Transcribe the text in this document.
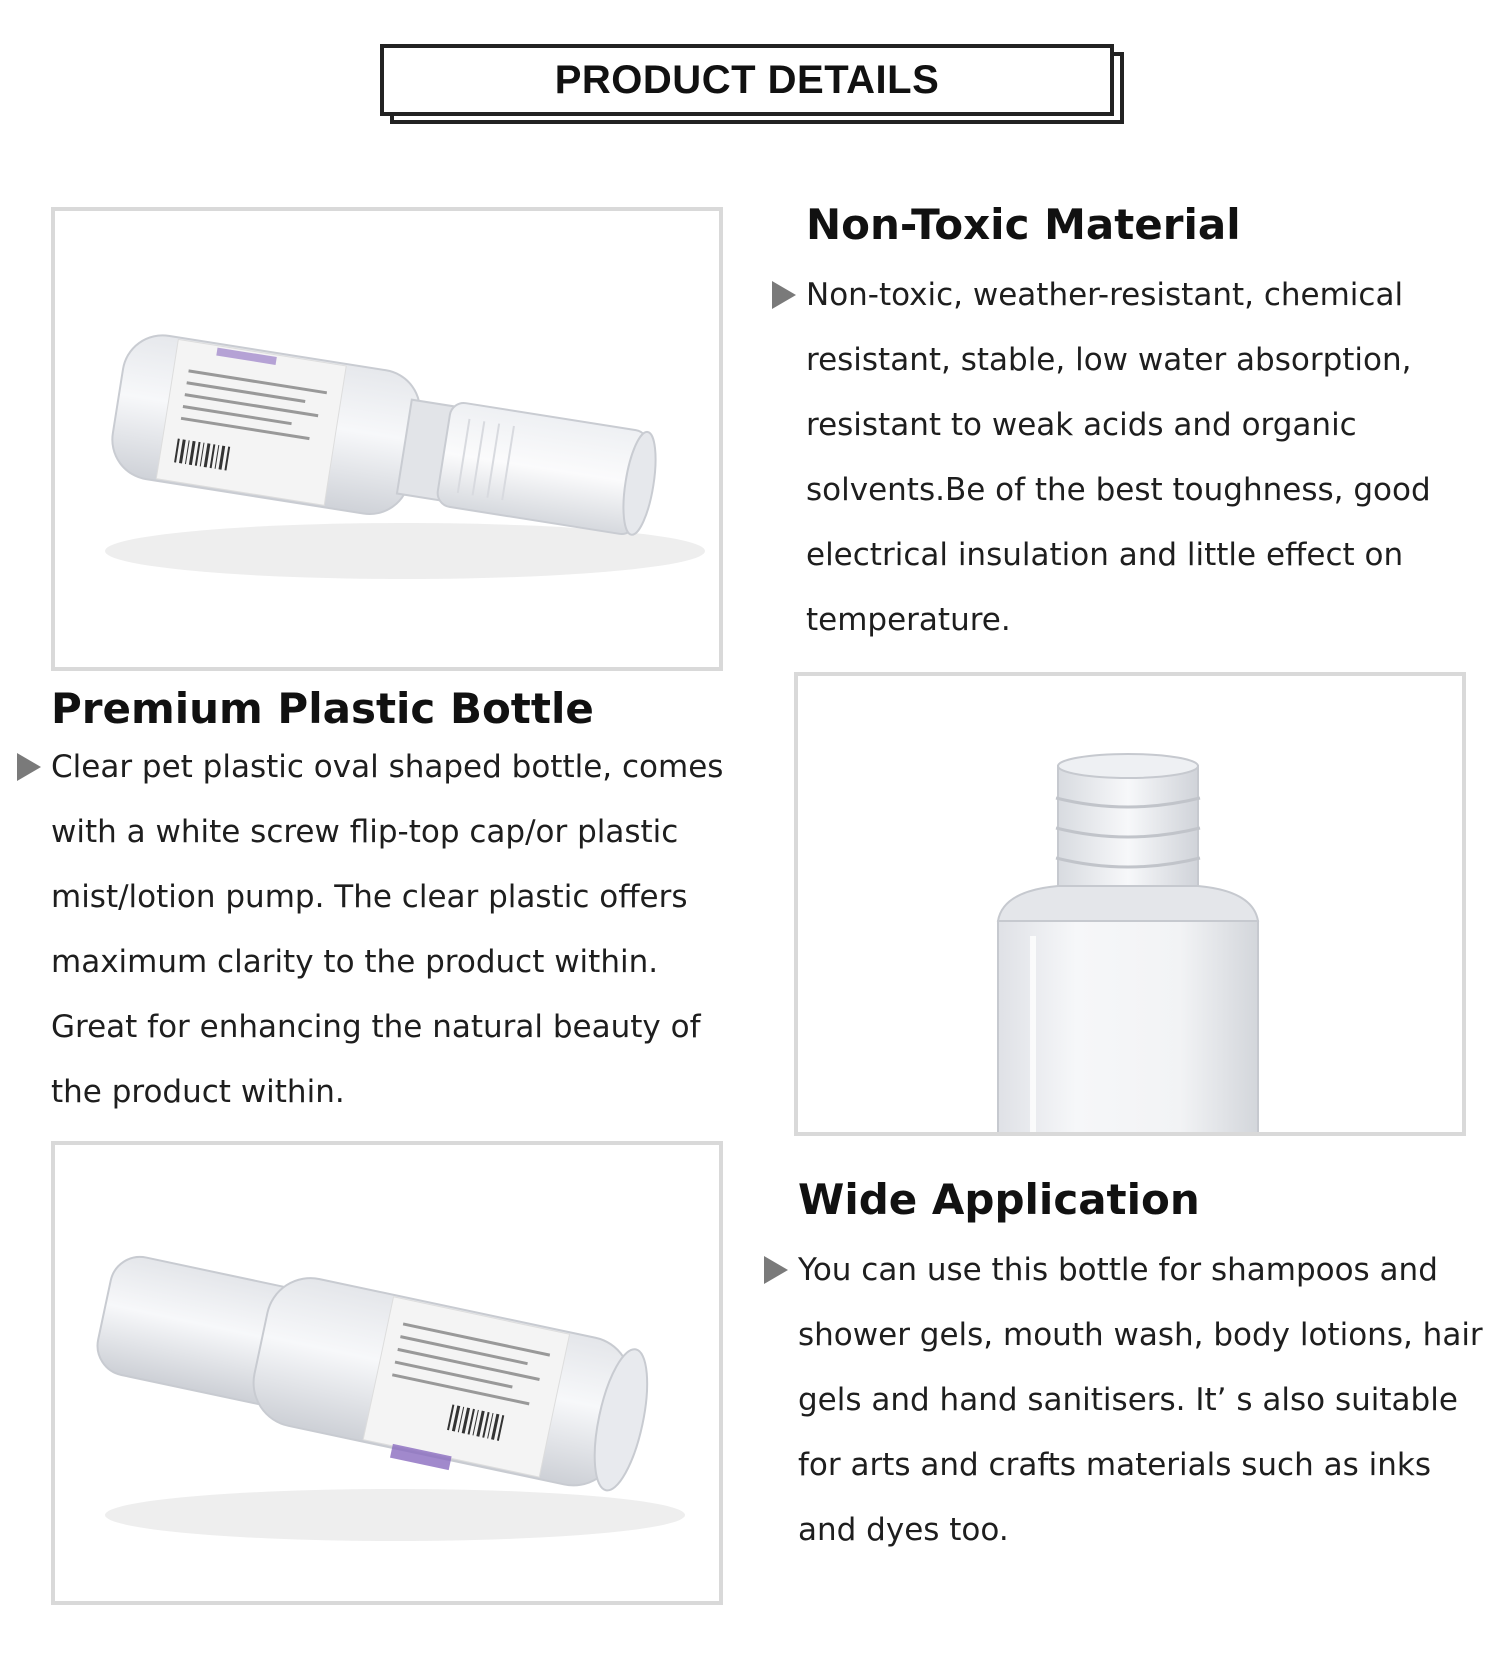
PRODUCT DETAILS
Non-Toxic Material

Non-toxic, weather-resistant, chemical resistant, stable, low water absorption, resistant to weak acids and organic solvents.Be of the best toughness, good electrical insulation and little effect on temperature.

Premium Plastic Bottle

Clear pet plastic oval shaped bottle, comes with a white screw flip-top cap/or plastic mist/lotion pump. The clear plastic offers maximum clarity to the product within. Great for enhancing the natural beauty of the product within.

Wide Application

You can use this bottle for shampoos and shower gels, mouth wash, body lotions, hair gels and hand sanitisers. It’ s also suitable for arts and crafts materials such as inks and dyes too.
